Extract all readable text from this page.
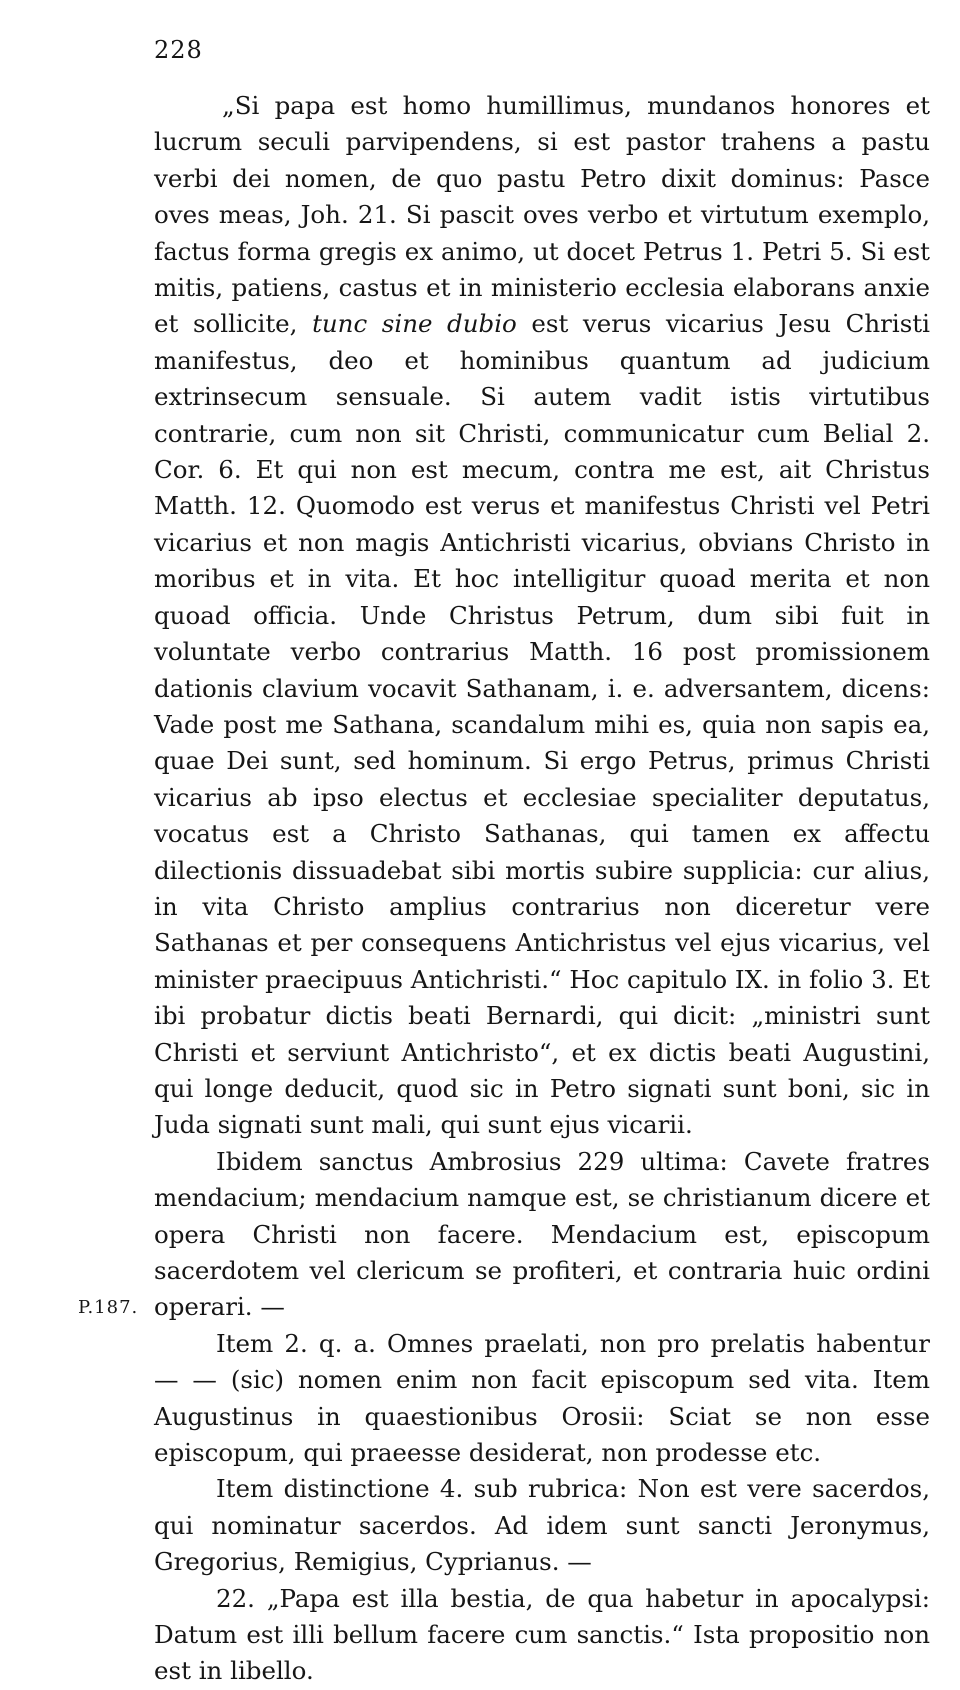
228
P.187.

„Si papa est homo humillimus, mundanos honores et lucrum seculi parvipendens, si est pastor trahens a pastu verbi dei nomen, de quo pastu Petro dixit dominus: Pasce oves meas, Joh. 21. Si pascit oves verbo et virtutum exemplo, factus forma gregis ex animo, ut docet Petrus 1. Petri 5. Si est mitis, patiens, castus et in ministerio ecclesia elaborans anxie et sollicite, tunc sine dubio est verus vicarius Jesu Christi manifestus, deo et hominibus quantum ad judicium extrinsecum sensuale. Si autem vadit istis virtutibus contrarie, cum non sit Christi, communicatur cum Belial 2. Cor. 6. Et qui non est mecum, contra me est, ait Christus Matth. 12. Quomodo est verus et manifestus Christi vel Petri vicarius et non magis Antichristi vicarius, obvians Christo in moribus et in vita. Et hoc intelligitur quoad merita et non quoad officia. Unde Christus Petrum, dum sibi fuit in voluntate verbo contrarius Matth. 16 post promissionem dationis clavium vocavit Sathanam, i. e. adversantem, dicens: Vade post me Sathana, scandalum mihi es, quia non sapis ea, quae Dei sunt, sed hominum. Si ergo Petrus, primus Christi vicarius ab ipso electus et ecclesiae specialiter deputatus, vocatus est a Christo Sathanas, qui tamen ex affectu dilectionis dissuadebat sibi mortis subire supplicia: cur alius, in vita Christo amplius contrarius non diceretur vere Sathanas et per consequens Antichristus vel ejus vicarius, vel minister praecipuus Antichristi.“ Hoc capitulo IX. in folio 3. Et ibi probatur dictis beati Bernardi, qui dicit: „ministri sunt Christi et serviunt Antichristo“, et ex dictis beati Augustini, qui longe deducit, quod sic in Petro signati sunt boni, sic in Juda signati sunt mali, qui sunt ejus vicarii.

Ibidem sanctus Ambrosius 229 ultima: Cavete fratres mendacium; mendacium namque est, se christianum dicere et opera Christi non facere. Mendacium est, episcopum sacerdotem vel clericum se profiteri, et contraria huic ordini operari. —

Item 2. q. a. Omnes praelati, non pro prelatis habentur — — (sic) nomen enim non facit episcopum sed vita. Item Augustinus in quaestionibus Orosii: Sciat se non esse episcopum, qui praeesse desiderat, non prodesse etc.

Item distinctione 4. sub rubrica: Non est vere sacerdos, qui nominatur sacerdos. Ad idem sunt sancti Jeronymus, Gregorius, Remigius, Cyprianus. —

22. „Papa est illa bestia, de qua habetur in apocalypsi: Datum est illi bellum facere cum sanctis.“ Ista propositio non est in libello.
